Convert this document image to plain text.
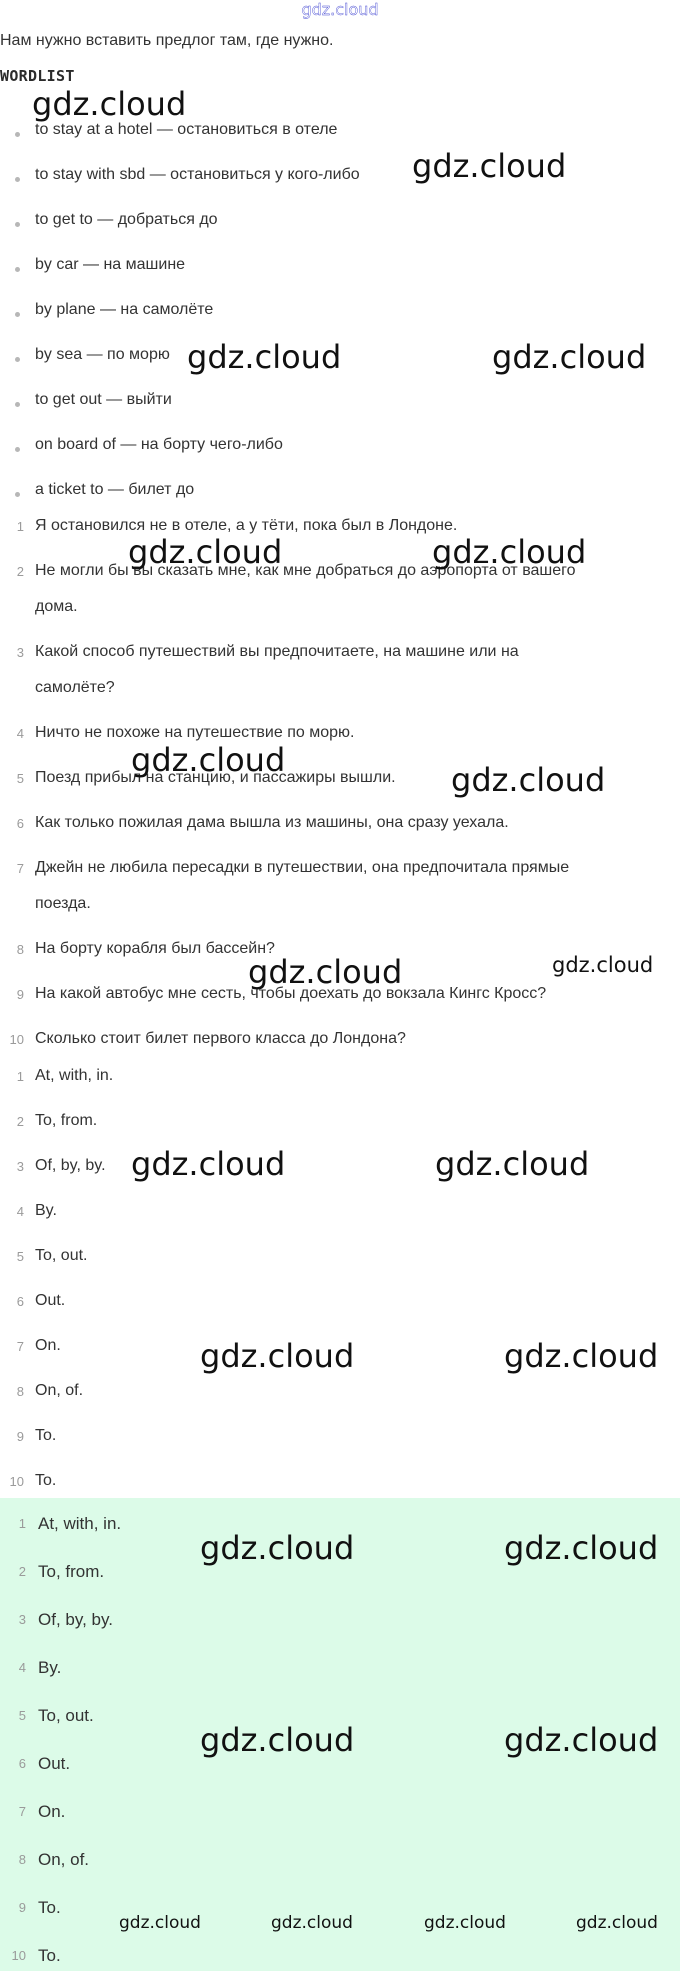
gdz.cloud
Нам нужно вставить предлог там, где нужно.
WORDLIST
to stay at a hotel — остановиться в отеле
to stay with sbd — остановиться у кого-либо
to get to — добраться до
by car — на машине
by plane — на самолёте
by sea — по морю
to get out — выйти
on board of — на борту чего-либо
a ticket to — билет до
1 Я остановился не в отеле, а у тёти, пока был в Лондоне.
2 Не могли бы вы сказать мне, как мне добраться до аэропорта от вашего
дома.
3 Какой способ путешествий вы предпочитаете, на машине или на
самолёте?
4 Ничто не похоже на путешествие по морю.
5 Поезд прибыл на станцию, и пассажиры вышли.
6 Как только пожилая дама вышла из машины, она сразу уехала.
7 Джейн не любила пересадки в путешествии, она предпочитала прямые
поезда.
8 На борту корабля был бассейн?
9 На какой автобус мне сесть, чтобы доехать до вокзала Кингс Кросс?
10 Сколько стоит билет первого класса до Лондона?
1 At, with, in.
2 To, from.
3 Of, by, by.
4 By.
5 To, out.
6 Out.
7 On.
8 On, of.
9 To.
10 To.
1 At, with, in.
2 To, from.
3 Of, by, by.
4 By.
5 To, out.
6 Out.
7 On.
8 On, of.
9 To.
10 To.
gdz.cloud
gdz.cloud
gdz.cloud	gdz.cloud
gdz.cloud	gdz.cloud
gdz.cloud
gdz.cloud
gdz.cloud	gdz.cloud
gdz.cloud	gdz.cloud
gdz.cloud	gdz.cloud
gdz.cloud	gdz.cloud
gdz.cloud	gdz.cloud
gdz.cloud	gdz.cloud	gdz.cloud	gdz.cloud
